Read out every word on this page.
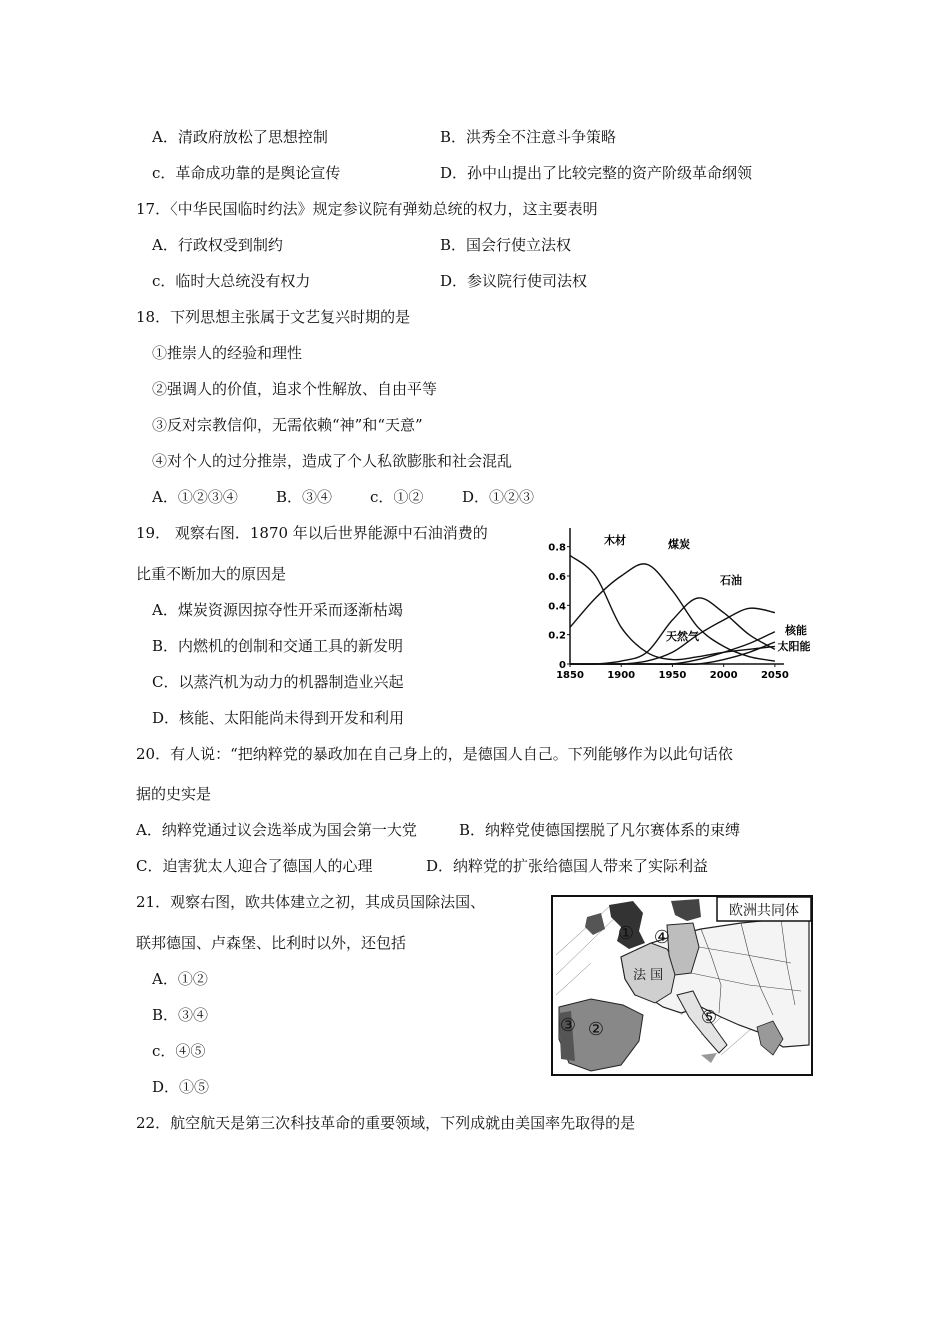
A．清政府放松了思想控制	B．洪秀全不注意斗争策略
c．革命成功靠的是舆论宣传	D．孙中山提出了比较完整的资产阶级革命纲领
17．〈中华民国临时约法》规定参议院有弹劾总统的权力，这主要表明
A．行政权受到制约	B．国会行使立法权
c．临时大总统没有权力	D．参议院行使司法权
18．下列思想主张属于文艺复兴时期的是
①推崇人的经验和理性
②强调人的价值，追求个性解放、自由平等
③反对宗教信仰，无需依赖“神”和“天意”
④对个人的过分推崇，造成了个人私欲膨胀和社会混乱
A．①②③④	B．③④	c．①②	D．①②③
19． 观察右图．1870 年以后世界能源中石油消费的
比重不断加大的原因是
A．煤炭资源因掠夺性开采而逐渐枯竭
B．内燃机的创制和交通工具的新发明
C．以蒸汽机为动力的机器制造业兴起
D．核能、太阳能尚未得到开发和利用
0
0.2
0.4
0.6
0.8
1850 1900 1950 2000 2050
木材	煤炭
石油
天然气	核能
太阳能
20．有人说：“把纳粹党的暴政加在自己身上的，是德国人自己。下列能够作为以此句话依
据的史实是
A．纳粹党通过议会选举成为国会第一大党	B．纳粹党使德国摆脱了凡尔赛体系的束缚
C．迫害犹太人迎合了德国人的心理	D．纳粹党的扩张给德国人带来了实际利益
21．观察右图，欧共体建立之初，其成员国除法国、
联邦德国、卢森堡、比利时以外，还包括
A．①②
B．③④
c．④⑤
D．①⑤
欧洲共同体
法 国
①
②
③
④
⑤
22．航空航天是第三次科技革命的重要领域，下列成就由美国率先取得的是
